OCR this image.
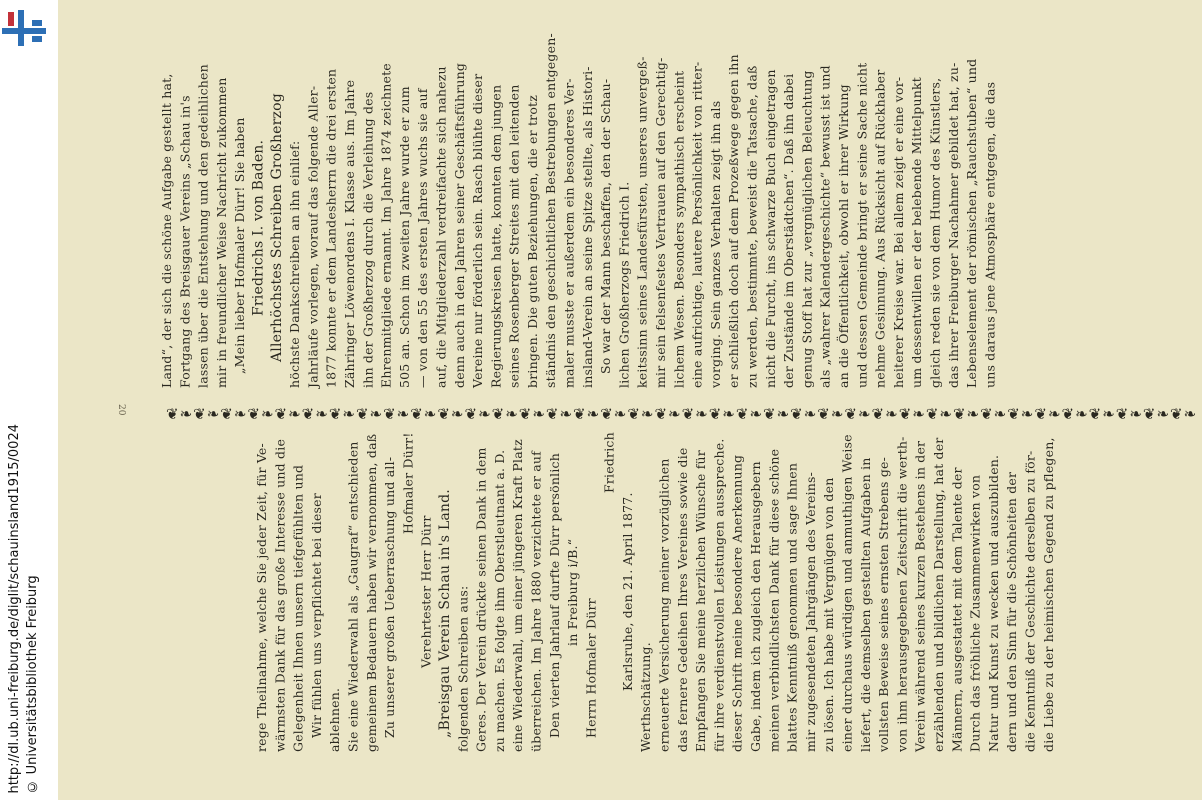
http://dl.ub.uni-freiburg.de/diglit/schauinsland1915/0024 © Universitätsbibliothek Freiburg
20	❦❧❦❧❦❧❦❧❦❧❦❧❦❧❦❧❦❧❦❧❦❧❦❧❦❧❦❧❦❧❦❧❦❧❦❧❦❧❦❧❦❧❦❧❦❧❦❧❦❧❦❧❦❧❦❧❦❧❦❧❦❧❦❧❦❧❦❧❦❧❦❧❦❧❦❧
Land“, der sich die schöne Aufgabe gestellt hat, Fortgang des Breisgauer Vereins „Schau in's lassen über die Entstehung und den gedeihlichen mir in freundlicher Weise Nachricht zukommen „Mein lieber Hofmaler Dürr! Sie haben Friedrichs I. von Baden. Allerhöchstes Schreiben Großherzog höchste Dankschreiben an ihn einlief: Jahrläufe vorlegen, worauf das folgende Aller- 1877 konnte er dem Landesherrn die drei ersten Zähringer Löwenordens I. Klasse aus. Im Jahre ihn der Großherzog durch die Verleihung des Ehrenmitgliede ernannt. Im Jahre 1874 zeichnete 505 an. Schon im zweiten Jahre wurde er zum — von den 55 des ersten Jahres wuchs sie auf auf, die Mitgliederzahl verdreifachte sich nahezu denn auch in den Jahren seiner Geschäftsführung Vereine nur förderlich sein. Rasch blühte dieser Regierungskreisen hatte, konnten dem jungen seines Rosenberger Streites mit den leitenden bringen. Die guten Beziehungen, die er trotz ständnis den geschichtlichen Bestrebungen entgegen- maler musste er außerdem ein besonderes Ver- insland-Verein an seine Spitze stellte, als Histori- So war der Mann beschaffen, den der Schau- lichen Großherzogs Friedrich I. keitssinn seines Landesfürsten, unseres unvergeß- mir sein felsenfestes Vertrauen auf den Gerechtig- lichem Wesen. Besonders sympathisch erscheint eine aufrichtige, lautere Persönlichkeit von ritter- vorging. Sein ganzes Verhalten zeigt ihn als er schließlich doch auf dem Prozeßwege gegen ihn zu werden, bestimmte, beweist die Tatsache, daß nicht die Furcht, ins schwarze Buch eingetragen der Zustände im Oberstädtchen“. Daß ihn dabei genug Stoff hat zur „vergnüglichen Beleuchtung als „wahrer Kalendergeschichte“ bewusst ist und an die Öffentlichkeit, obwohl er ihrer Wirkung und dessen Gemeinde bringt er seine Sache nicht nehme Gesinnung. Aus Rücksicht auf Rückhaber heiterer Kreise war. Bei allem zeigt er eine vor- um dessentwillen er der belebende Mittelpunkt gleich reden sie von dem Humor des Künstlers, das ihrer Freiburger Nachahmer gebildet hat, zu- Lebenselement der römischen „Rauchstuben“ und uns daraus jene Atmosphäre entgegen, die das
rege Theilnahme, welche Sie jeder Zeit, für Ve- wärmsten Dank für das große Interesse und die Gelegenheit Ihnen unsern tiefgefühlten und Wir fühlen uns verpflichtet bei dieser ablehnen. Sie eine Wiederwahl als „Gaugraf“ entschieden gemeinem Bedauern haben wir vernommen, daß Zu unserer großen Ueberraschung und all- Hofmaler Dürr!
Verehrtester Herr Dürr „Breisgau Verein Schau in's Land. folgenden Schreiben aus: Geres. Der Verein drückte seinen Dank in dem zu machen. Es folgte ihm Oberstleutnant a. D. eine Wiederwahl, um einer jüngeren Kraft Platz überreichen. Im Jahre 1880 verzichtete er auf Den vierten Jahrlauf durfte Dürr persönlich in Freiburg i/B.“
Herrn Hofmaler Dürr
Friedrich
Karlsruhe, den 21. April 1877.
Werthschätzung. erneuerte Versicherung meiner vorzüglichen das fernere Gedeihen Ihres Vereines sowie die Empfangen Sie meine herzlichen Wünsche für für ihre verdienstvollen Leistungen ausspreche. dieser Schrift meine besondere Anerkennung Gabe, indem ich zugleich den Herausgebern meinen verbindlichsten Dank für diese schöne blattes Kenntniß genommen und sage Ihnen mir zugesendeten Jahrgängen des Vereins- zu lösen. Ich habe mit Vergnügen von den einer durchaus würdigen und anmuthigen Weise liefert, die demselben gestellten Aufgaben in vollsten Beweise seines ernsten Strebens ge- von ihm herausgegebenen Zeitschrift die werth- Verein während seines kurzen Bestehens in der erzählenden und bildlichen Darstellung, hat der Männern, ausgestattet mit dem Talente der Durch das fröhliche Zusammenwirken von Natur und Kunst zu wecken und auszubilden. dern und den Sinn für die Schönheiten der die Kenntniß der Geschichte derselben zu för- die Liebe zu der heimischen Gegend zu pflegen,
